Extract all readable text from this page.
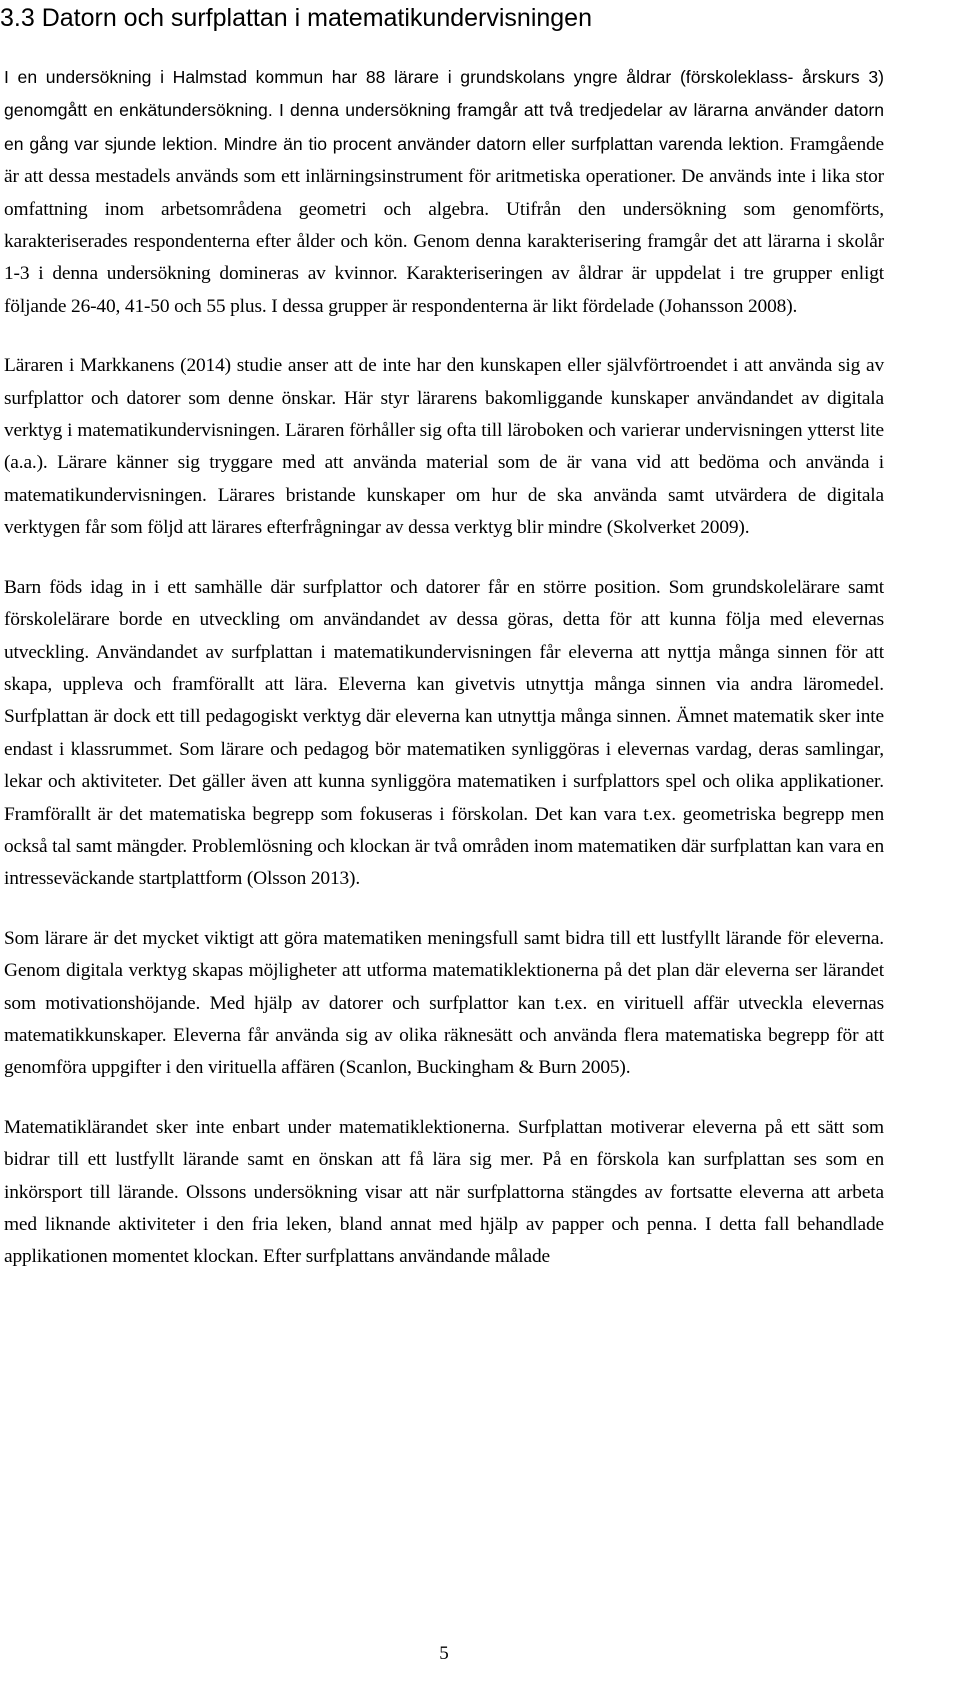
3.3 Datorn och surfplattan i matematikundervisningen

I en undersökning i Halmstad kommun har 88 lärare i grundskolans yngre åldrar (förskoleklass- årskurs 3) genomgått en enkätundersökning. I denna undersökning framgår att två tredjedelar av lärarna använder datorn en gång var sjunde lektion. Mindre än tio procent använder datorn eller surfplattan varenda lektion. Framgående är att dessa mestadels används som ett inlärningsinstrument för aritmetiska operationer. De används inte i lika stor omfattning inom arbetsområdena geometri och algebra. Utifrån den undersökning som genomförts, karakteriserades respondenterna efter ålder och kön. Genom denna karakterisering framgår det att lärarna i skolår 1-3 i denna undersökning domineras av kvinnor. Karakteriseringen av åldrar är uppdelat i tre grupper enligt följande 26-40, 41-50 och 55 plus. I dessa grupper är respondenterna är likt fördelade (Johansson 2008).

Läraren i Markkanens (2014) studie anser att de inte har den kunskapen eller självförtroendet i att använda sig av surfplattor och datorer som denne önskar. Här styr lärarens bakomliggande kunskaper användandet av digitala verktyg i matematikundervisningen. Läraren förhåller sig ofta till läroboken och varierar undervisningen ytterst lite (a.a.). Lärare känner sig tryggare med att använda material som de är vana vid att bedöma och använda i matematikundervisningen. Lärares bristande kunskaper om hur de ska använda samt utvärdera de digitala verktygen får som följd att lärares efterfrågningar av dessa verktyg blir mindre (Skolverket 2009).

Barn föds idag in i ett samhälle där surfplattor och datorer får en större position. Som grundskolelärare samt förskolelärare borde en utveckling om användandet av dessa göras, detta för att kunna följa med elevernas utveckling. Användandet av surfplattan i matematikundervisningen får eleverna att nyttja många sinnen för att skapa, uppleva och framförallt att lära. Eleverna kan givetvis utnyttja många sinnen via andra läromedel. Surfplattan är dock ett till pedagogiskt verktyg där eleverna kan utnyttja många sinnen. Ämnet matematik sker inte endast i klassrummet. Som lärare och pedagog bör matematiken synliggöras i elevernas vardag, deras samlingar, lekar och aktiviteter. Det gäller även att kunna synliggöra matematiken i surfplattors spel och olika applikationer. Framförallt är det matematiska begrepp som fokuseras i förskolan. Det kan vara t.ex. geometriska begrepp men också tal samt mängder. Problemlösning och klockan är två områden inom matematiken där surfplattan kan vara en intresseväckande startplattform (Olsson 2013).

Som lärare är det mycket viktigt att göra matematiken meningsfull samt bidra till ett lustfyllt lärande för eleverna. Genom digitala verktyg skapas möjligheter att utforma matematiklektionerna på det plan där eleverna ser lärandet som motivationshöjande. Med hjälp av datorer och surfplattor kan t.ex. en virituell affär utveckla elevernas matematikkunskaper. Eleverna får använda sig av olika räknesätt och använda flera matematiska begrepp för att genomföra uppgifter i den virituella affären (Scanlon, Buckingham & Burn 2005).

Matematiklärandet sker inte enbart under matematiklektionerna. Surfplattan motiverar eleverna på ett sätt som bidrar till ett lustfyllt lärande samt en önskan att få lära sig mer. På en förskola kan surfplattan ses som en inkörsport till lärande. Olssons undersökning visar att när surfplattorna stängdes av fortsatte eleverna att arbeta med liknande aktiviteter i den fria leken, bland annat med hjälp av papper och penna. I detta fall behandlade applikationen momentet klockan. Efter surfplattans användande målade

5
